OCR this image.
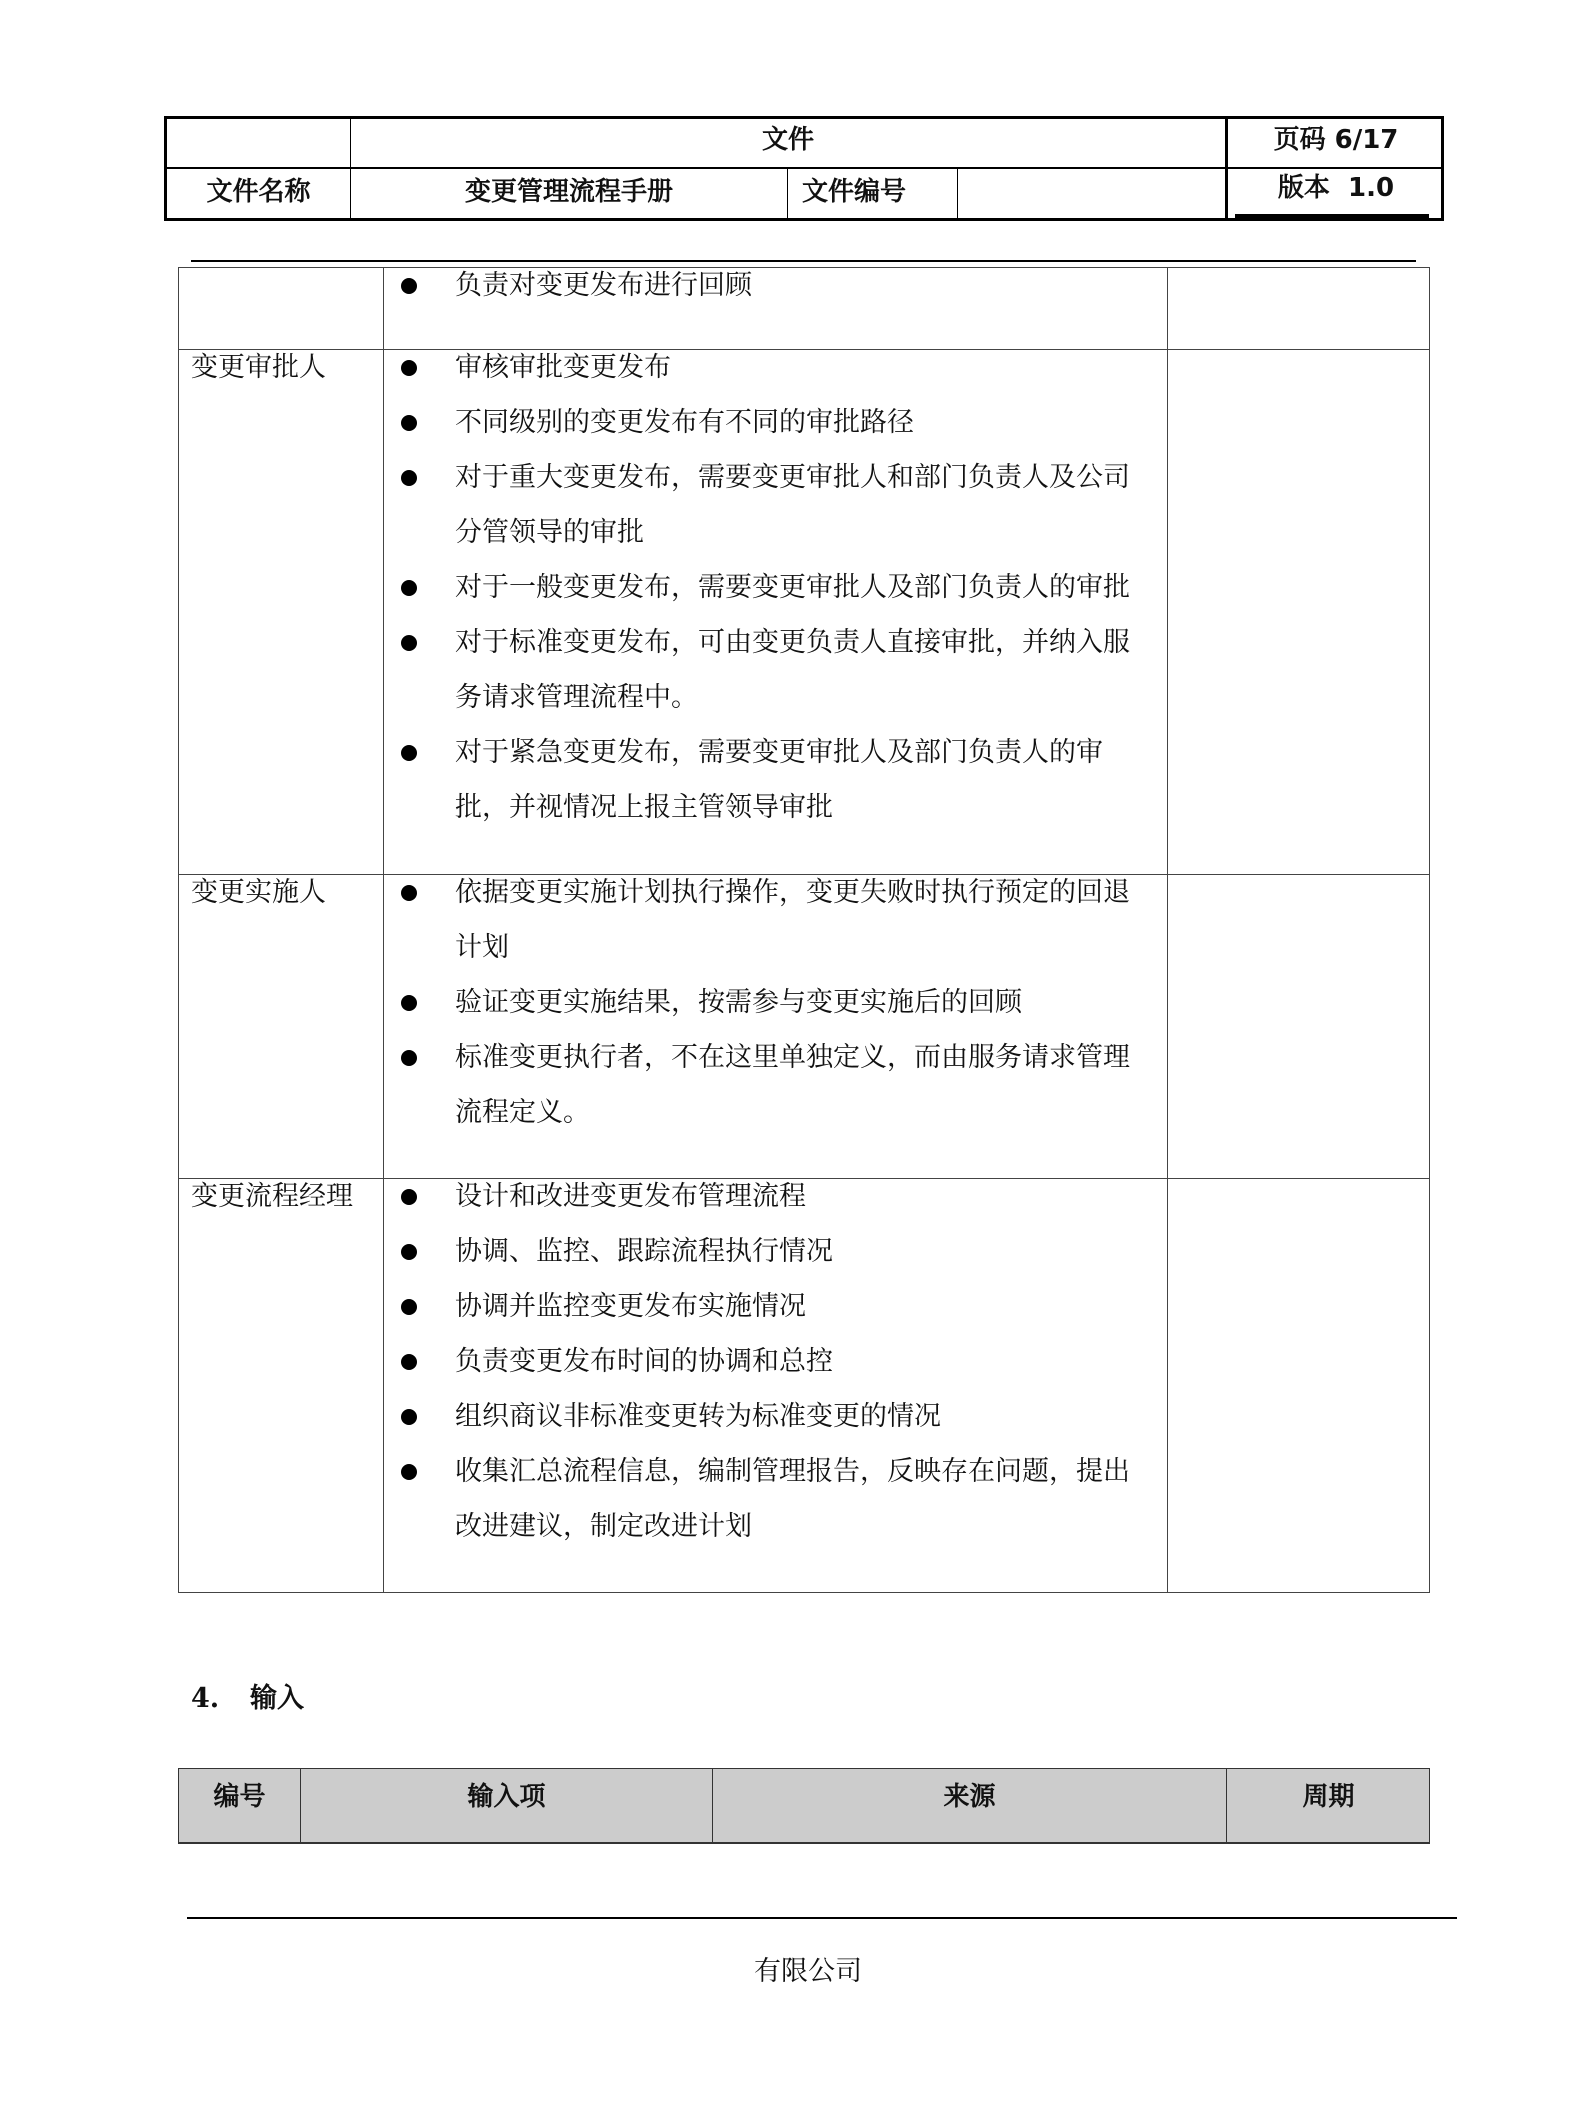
文件	页码 6/17
文件名称	变更管理流程手册	文件编号	版本  1.0
负责对变更发布进行回顾
变更审批人	审核审批变更发布
不同级别的变更发布有不同的审批路径
对于重大变更发布，需要变更审批人和部门负责人及公司
分管领导的审批
对于一般变更发布，需要变更审批人及部门负责人的审批
对于标准变更发布，可由变更负责人直接审批，并纳入服
务请求管理流程中。
对于紧急变更发布，需要变更审批人及部门负责人的审
批，并视情况上报主管领导审批
变更实施人	依据变更实施计划执行操作，变更失败时执行预定的回退
计划
验证变更实施结果，按需参与变更实施后的回顾
标准变更执行者，不在这里单独定义，而由服务请求管理
流程定义。
变更流程经理	设计和改进变更发布管理流程
协调、监控、跟踪流程执行情况
协调并监控变更发布实施情况
负责变更发布时间的协调和总控
组织商议非标准变更转为标准变更的情况
收集汇总流程信息，编制管理报告，反映存在问题，提出
改进建议，制定改进计划
4. 输入
编号	输入项	来源	周期
有限公司
